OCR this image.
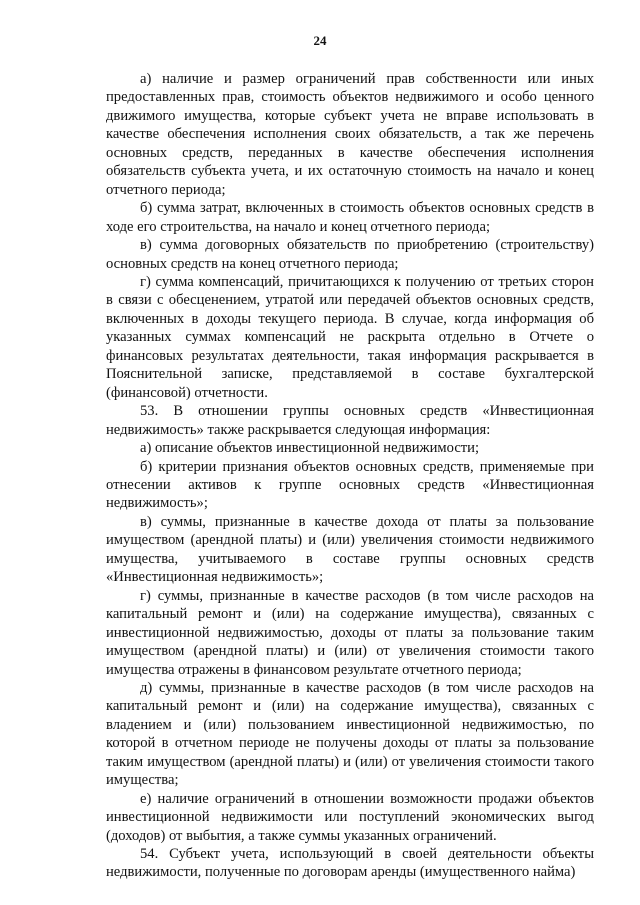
24

а) наличие и размер ограничений прав собственности или иных предоставленных прав, стоимость объектов недвижимого и особо ценного движимого имущества, которые субъект учета не вправе использовать в качестве обеспечения исполнения своих обязательств, а так же перечень основных средств, переданных в качестве обеспечения исполнения обязательств субъекта учета, и их остаточную стоимость на начало и конец отчетного периода;

б) сумма затрат, включенных в стоимость объектов основных средств в ходе его строительства, на начало и конец отчетного периода;

в) сумма договорных обязательств по приобретению (строительству) основных средств на конец отчетного периода;

г) сумма компенсаций, причитающихся к получению от третьих сторон в связи с обесценением, утратой или передачей объектов основных средств, включенных в доходы текущего периода. В случае, когда информация об указанных суммах компенсаций не раскрыта отдельно в Отчете о финансовых результатах деятельности, такая информация раскрывается в Пояснительной записке, представляемой в составе бухгалтерской (финансовой) отчетности.

53. В отношении группы основных средств «Инвестиционная недвижимость» также раскрывается следующая информация:

а) описание объектов инвестиционной недвижимости;

б) критерии признания объектов основных средств, применяемые при отнесении активов к группе основных средств «Инвестиционная недвижимость»;

в) суммы, признанные в качестве дохода от платы за пользование имуществом (арендной платы) и (или) увеличения стоимости недвижимого имущества, учитываемого в составе группы основных средств «Инвестиционная недвижимость»;

г) суммы, признанные в качестве расходов (в том числе расходов на капитальный ремонт и (или) на содержание имущества), связанных с инвестиционной недвижимостью, доходы от платы за пользование таким имуществом (арендной платы) и (или) от увеличения стоимости такого имущества отражены в финансовом результате отчетного периода;

д) суммы, признанные в качестве расходов (в том числе расходов на капитальный ремонт и (или) на содержание имущества), связанных с владением и (или) пользованием инвестиционной недвижимостью, по которой в отчетном периоде не получены доходы от платы за пользование таким имуществом (арендной платы) и (или) от увеличения стоимости такого имущества;

е) наличие ограничений в отношении возможности продажи объектов инвестиционной недвижимости или поступлений экономических выгод (доходов) от выбытия, а также суммы указанных ограничений.

54. Субъект учета, использующий в своей деятельности объекты недвижимости, полученные по договорам аренды (имущественного найма)
